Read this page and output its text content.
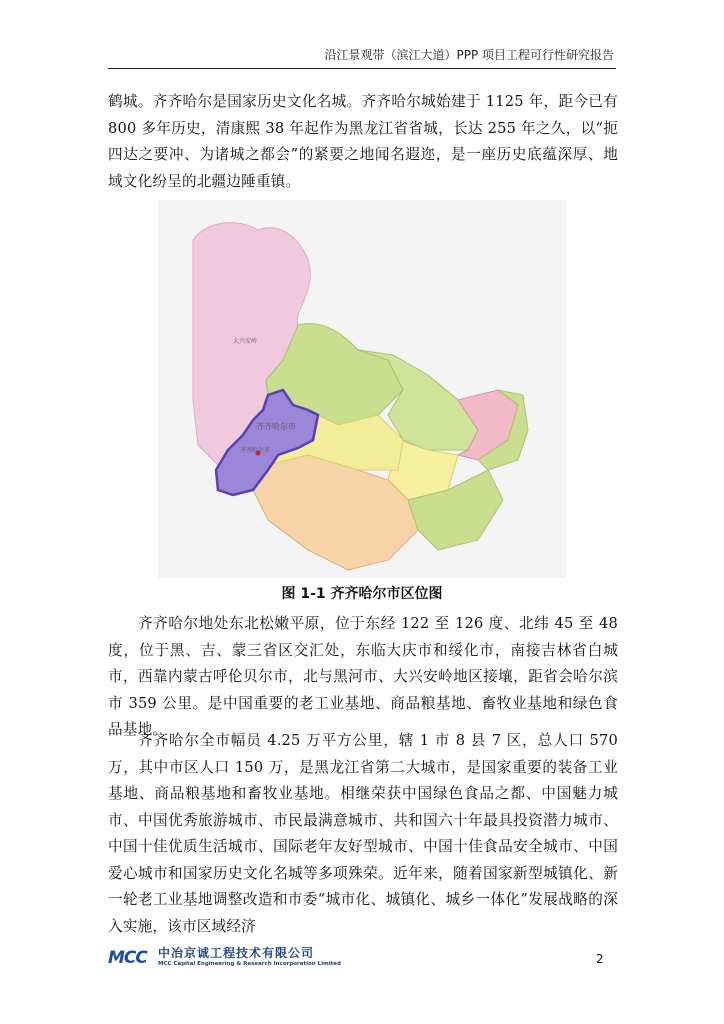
沿江景观带（滨江大道）PPP 项目工程可行性研究报告

鹤城。齐齐哈尔是国家历史文化名城。齐齐哈尔城始建于 1125 年，距今已有 800 多年历史，清康熙 38 年起作为黑龙江省省城，长达 255 年之久，以“扼四达之要冲、为诸城之都会”的紧要之地闻名遐迩，是一座历史底蕴深厚、地域文化纷呈的北疆边陲重镇。

齐齐哈尔市
齐齐哈尔市
大兴安岭
图 1-1 齐齐哈尔市区位图

齐齐哈尔地处东北松嫩平原，位于东经 122 至 126 度、北纬 45 至 48 度，位于黑、吉、蒙三省区交汇处，东临大庆市和绥化市，南接吉林省白城市，西靠内蒙古呼伦贝尔市，北与黑河市、大兴安岭地区接壤，距省会哈尔滨市 359 公里。是中国重要的老工业基地、商品粮基地、畜牧业基地和绿色食品基地。

齐齐哈尔全市幅员 4.25 万平方公里，辖 1 市 8 县 7 区，总人口 570 万，其中市区人口 150 万，是黑龙江省第二大城市，是国家重要的装备工业基地、商品粮基地和畜牧业基地。相继荣获中国绿色食品之都、中国魅力城市、中国优秀旅游城市、市民最满意城市、共和国六十年最具投资潜力城市、中国十佳优质生活城市、国际老年友好型城市、中国十佳食品安全城市、中国爱心城市和国家历史文化名城等多项殊荣。近年来，随着国家新型城镇化、新一轮老工业基地调整改造和市委“城市化、城镇化、城乡一体化”发展战略的深入实施，该市区域经济

MCC 中冶京诚工程技术有限公司
MCC Capital Engineering & Research Incorporation Limited	2
